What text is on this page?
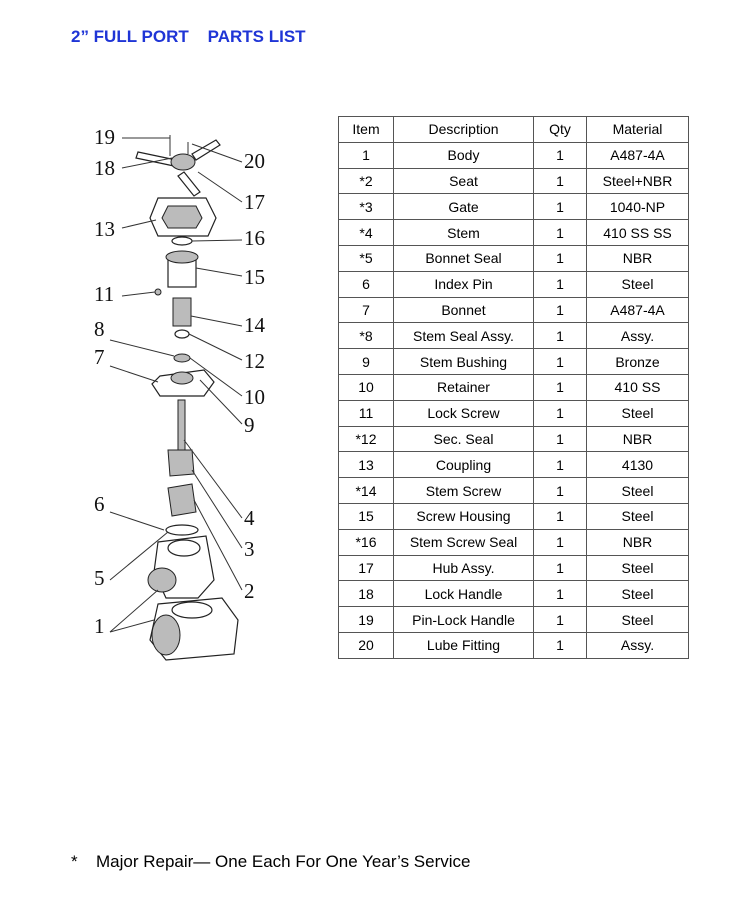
2” FULL PORT    PARTS LIST
19
18	20
17
13	16
15
11
14
8
12
7
10
9
4
6
3
5
2
1
Item	Description	Qty	Material
1	Body	1	A487-4A
*2	Seat	1	Steel+NBR
*3	Gate	1	1040-NP
*4	Stem	1	410 SS SS
*5	Bonnet Seal	1	NBR
6	Index Pin	1	Steel
7	Bonnet	1	A487-4A
*8	Stem Seal Assy.	1	Assy.
9	Stem Bushing	1	Bronze
10	Retainer	1	410 SS
11	Lock Screw	1	Steel
*12	Sec. Seal	1	NBR
13	Coupling	1	4130
*14	Stem Screw	1	Steel
15	Screw Housing	1	Steel
*16	Stem Screw Seal	1	NBR
17	Hub Assy.	1	Steel
18	Lock Handle	1	Steel
19	Pin-Lock Handle	1	Steel
20	Lube Fitting	1	Assy.
* Major Repair— One Each For One Year’s Service
